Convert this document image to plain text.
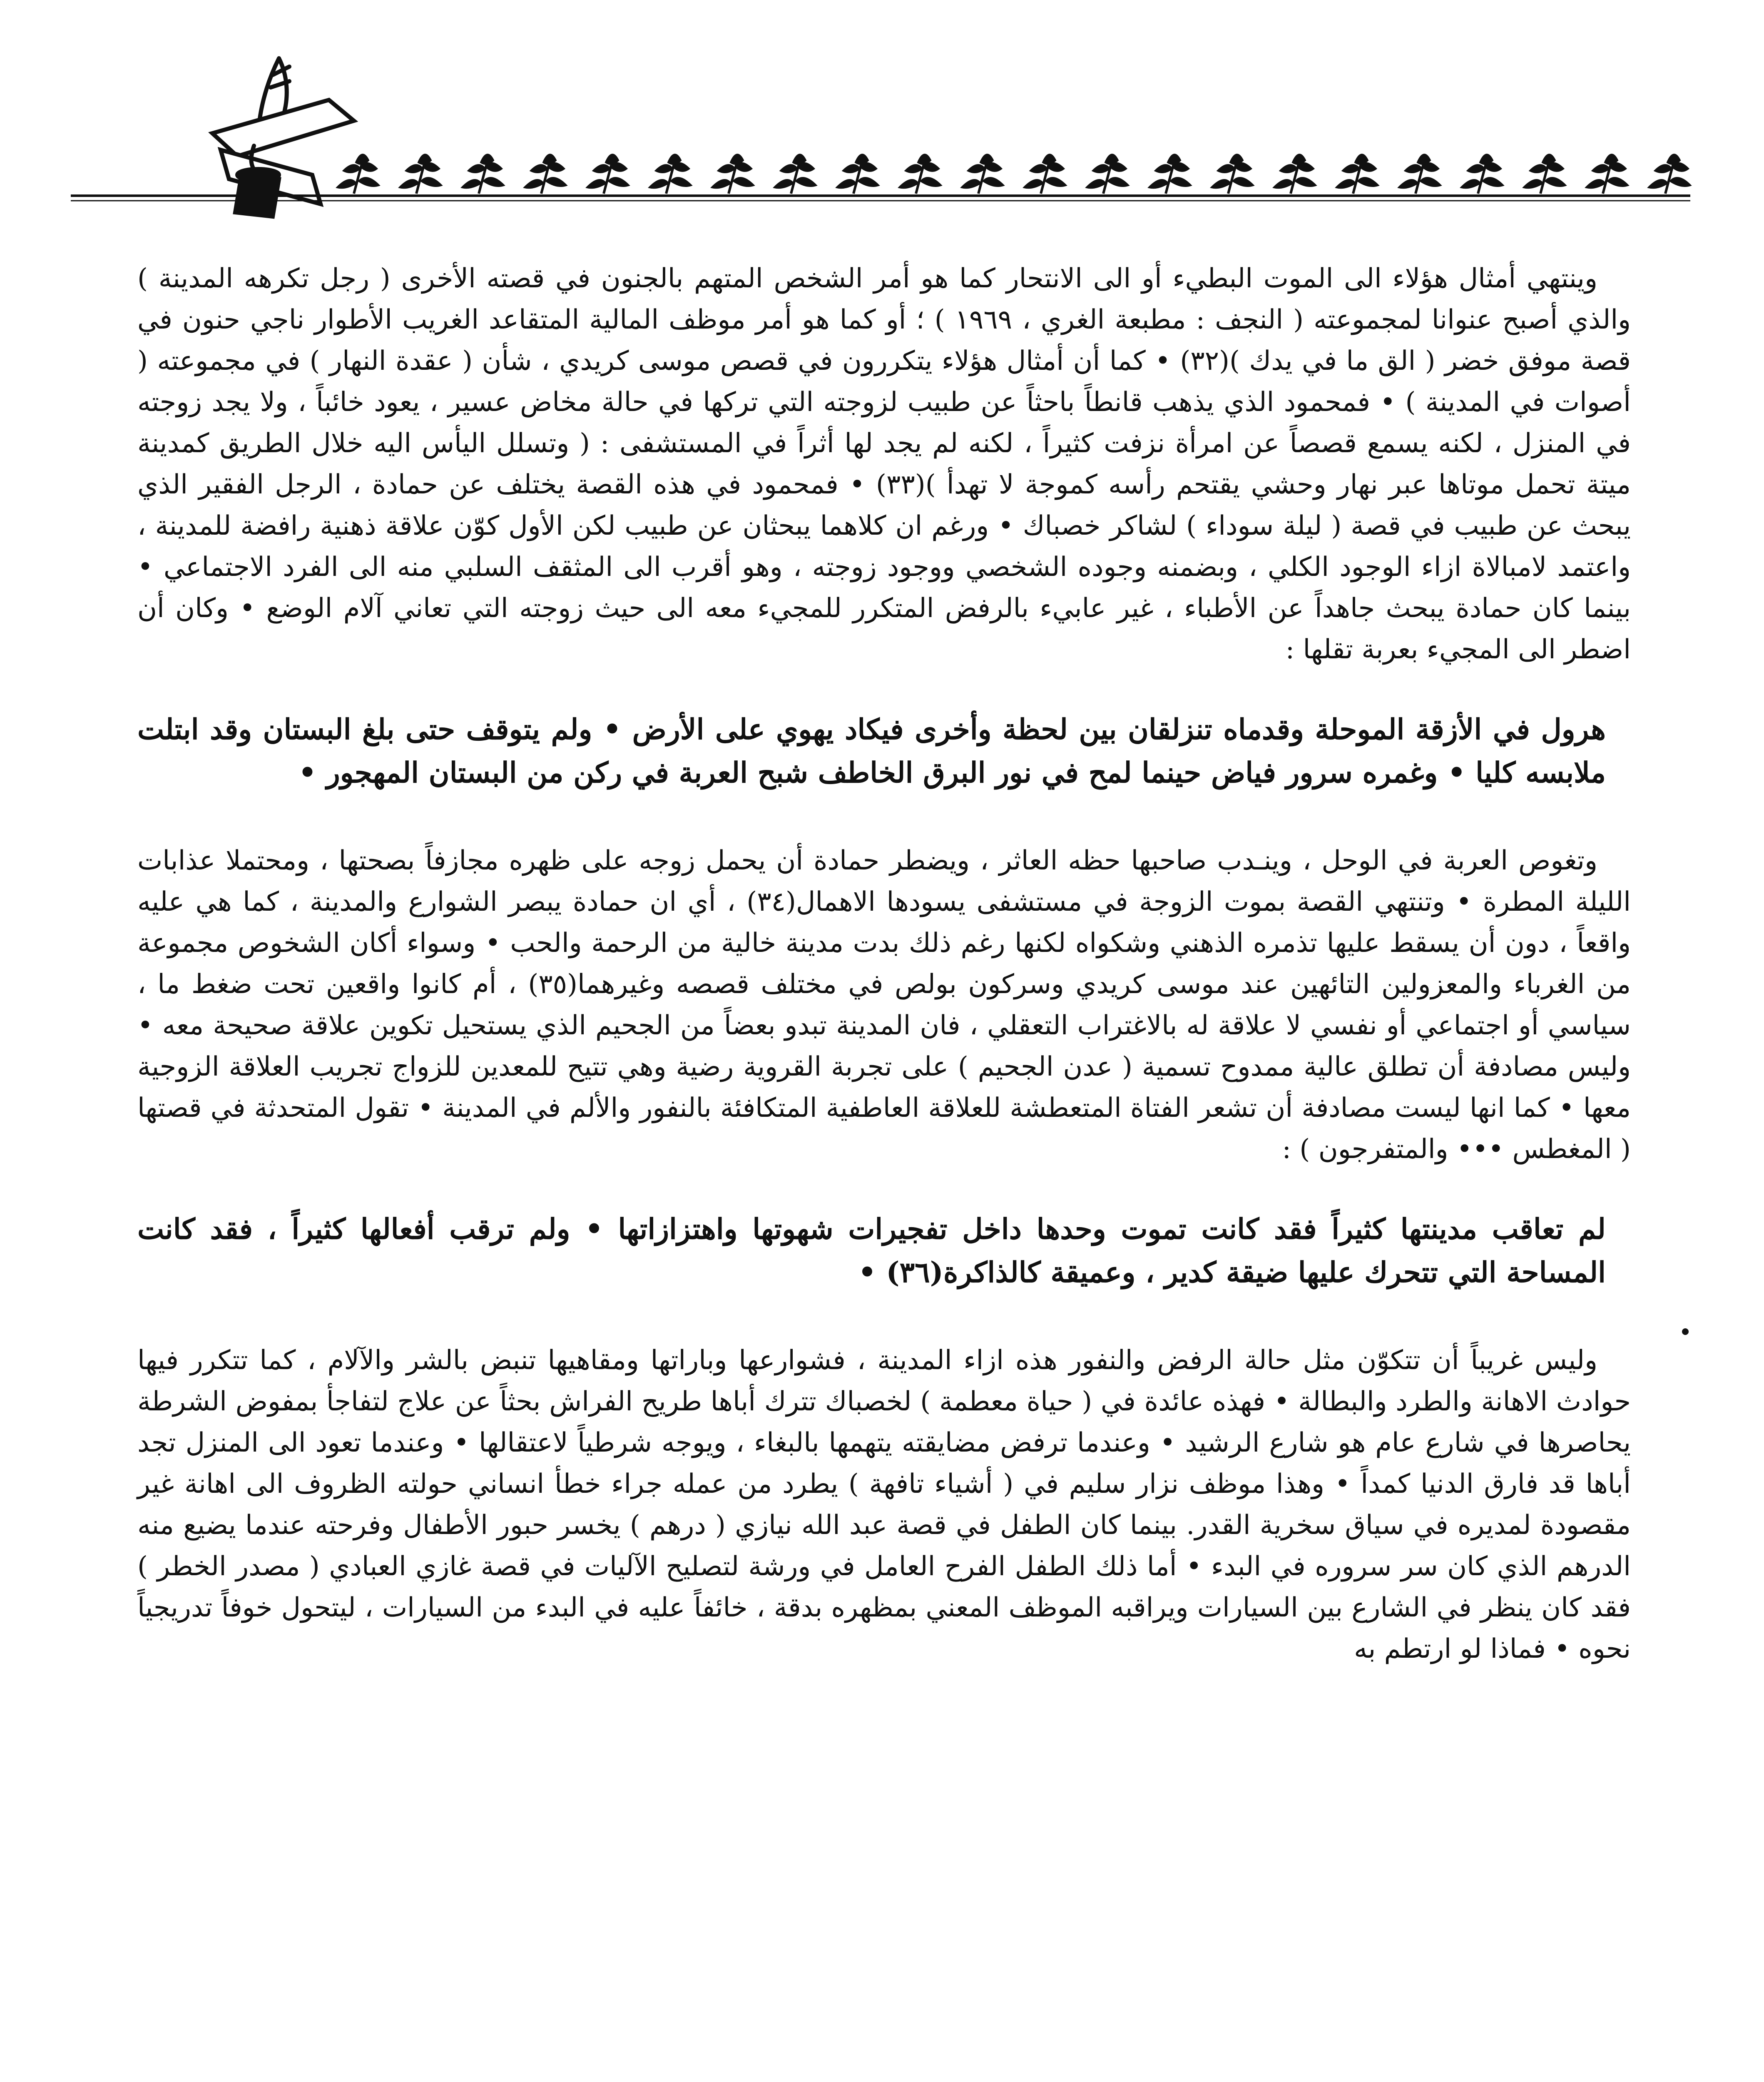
وينتهي أمثال هؤلاء الى الموت البطيء أو الى الانتحار كما هو أمر الشخص المتهم بالجنون في قصته الأخرى ( رجل تكرهه المدينة ) والذي أصبح عنوانا لمجموعته ( النجف : مطبعة الغري ، ١٩٦٩ ) ؛ أو كما هو أمر موظف المالية المتقاعد الغريب الأطوار ناجي حنون في قصة موفق خضر ( الق ما في يدك )(٣٢) • كما أن أمثال هؤلاء يتكررون في قصص موسى كريدي ، شأن ( عقدة النهار ) في مجموعته ( أصوات في المدينة ) • فمحمود الذي يذهب قانطاً باحثاً عن طبيب لزوجته التي تركها في حالة مخاض عسير ، يعود خائباً ، ولا يجد زوجته في المنزل ، لكنه يسمع قصصاً عن امرأة نزفت كثيراً ، لكنه لم يجد لها أثراً في المستشفى : ( وتسلل اليأس اليه خلال الطريق كمدينة ميتة تحمل موتاها عبر نهار وحشي يقتحم رأسه كموجة لا تهدأ )(٣٣) • فمحمود في هذه القصة يختلف عن حمادة ، الرجل الفقير الذي يبحث عن طبيب في قصة ( ليلة سوداء ) لشاكر خصباك • ورغم ان كلاهما يبحثان عن طبيب لكن الأول كوّن علاقة ذهنية رافضة للمدينة ، واعتمد لامبالاة ازاء الوجود الكلي ، وبضمنه وجوده الشخصي ووجود زوجته ، وهو أقرب الى المثقف السلبي منه الى الفرد الاجتماعي • بينما كان حمادة يبحث جاهداً عن الأطباء ، غير عابيء بالرفض المتكرر للمجيء معه الى حيث زوجته التي تعاني آلام الوضع • وكان أن اضطر الى المجيء بعربة تقلها :

هرول في الأزقة الموحلة وقدماه تنزلقان بين لحظة وأخرى فيكاد يهوي على الأرض • ولم يتوقف حتى بلغ البستان وقد ابتلت ملابسه كليا • وغمره سرور فياض حينما لمح في نور البرق الخاطف شبح العربة في ركن من البستان المهجور •

وتغوص العربة في الوحل ، وينـدب صاحبها حظه العاثر ، ويضطر حمادة أن يحمل زوجه على ظهره مجازفاً بصحتها ، ومحتملا عذابات الليلة المطرة • وتنتهي القصة بموت الزوجة في مستشفى يسودها الاهمال(٣٤) ، أي ان حمادة يبصر الشوارع والمدينة ، كما هي عليه واقعاً ، دون أن يسقط عليها تذمره الذهني وشكواه لكنها رغم ذلك بدت مدينة خالية من الرحمة والحب • وسواء أكان الشخوص مجموعة من الغرباء والمعزولين التائهين عند موسى كريدي وسركون بولص في مختلف قصصه وغيرهما(٣٥) ، أم كانوا واقعين تحت ضغط ما ، سياسي أو اجتماعي أو نفسي لا علاقة له بالاغتراب التعقلي ، فان المدينة تبدو بعضاً من الجحيم الذي يستحيل تكوين علاقة صحيحة معه • وليس مصادفة أن تطلق عالية ممدوح تسمية ( عدن الجحيم ) على تجربة القروية رضية وهي تتيح للمعدين للزواج تجريب العلاقة الزوجية معها • كما انها ليست مصادفة أن تشعر الفتاة المتعطشة للعلاقة العاطفية المتكافئة بالنفور والألم في المدينة • تقول المتحدثة في قصتها ( المغطس ••• والمتفرجون ) :

لم تعاقب مدينتها كثيراً فقد كانت تموت وحدها داخل تفجيرات شهوتها واهتزازاتها • ولم ترقب أفعالها كثيراً ، فقد كانت المساحة التي تتحرك عليها ضيقة كدير ، وعميقة كالذاكرة(٣٦) •

وليس غريباً أن تتكوّن مثل حالة الرفض والنفور هذه ازاء المدينة ، فشوارعها وباراتها ومقاهيها تنبض بالشر والآلام ، كما تتكرر فيها حوادث الاهانة والطرد والبطالة • فهذه عائدة في ( حياة معطمة ) لخصباك تترك أباها طريح الفراش بحثاً عن علاج لتفاجأ بمفوض الشرطة يحاصرها في شارع عام هو شارع الرشيد • وعندما ترفض مضايقته يتهمها بالبغاء ، ويوجه شرطياً لاعتقالها • وعندما تعود الى المنزل تجد أباها قد فارق الدنيا كمداً • وهذا موظف نزار سليم في ( أشياء تافهة ) يطرد من عمله جراء خطأ انساني حولته الظروف الى اهانة غير مقصودة لمديره في سياق سخرية القدر. بينما كان الطفل في قصة عبد الله نيازي ( درهم ) يخسر حبور الأطفال وفرحته عندما يضيع منه الدرهم الذي كان سر سروره في البدء • أما ذلك الطفل الفرح العامل في ورشة لتصليح الآليات في قصة غازي العبادي ( مصدر الخطر ) فقد كان ينظر في الشارع بين السيارات ويراقبه الموظف المعني بمظهره بدقة ، خائفاً عليه في البدء من السيارات ، ليتحول خوفاً تدريجياً نحوه • فماذا لو ارتطم به
